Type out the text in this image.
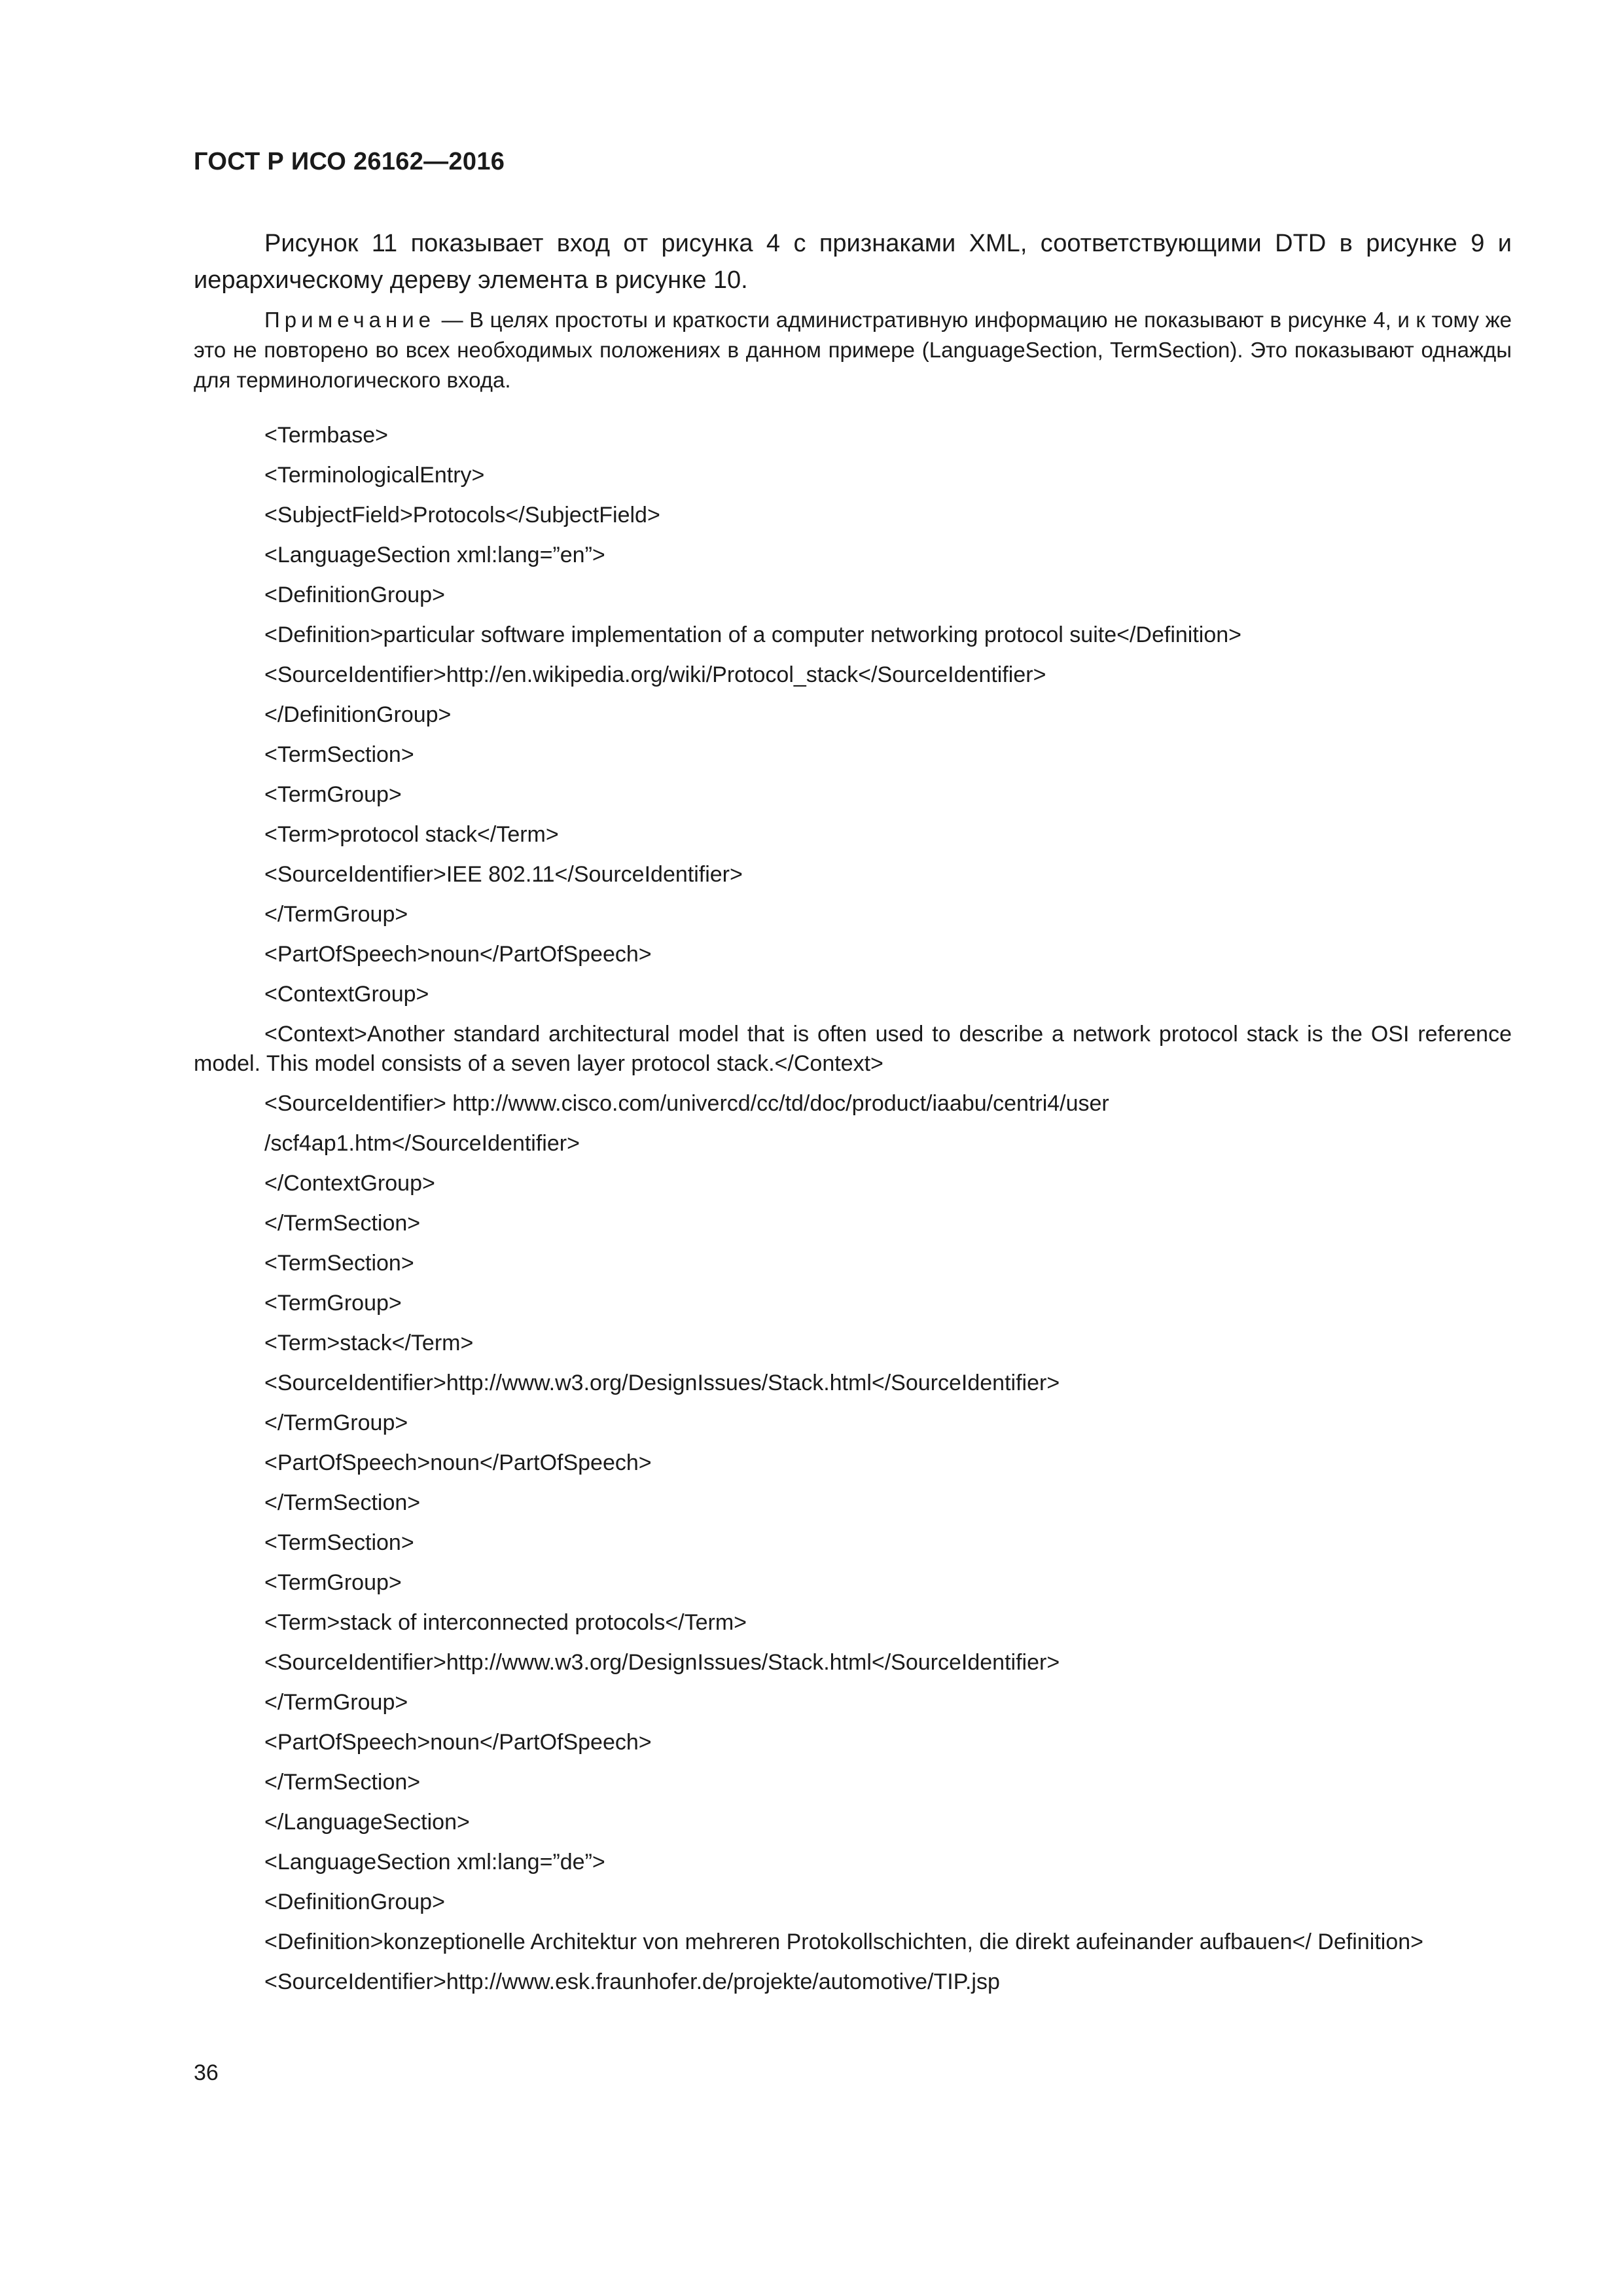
ГОСТ Р ИСО 26162—2016

Рисунок 11 показывает вход от рисунка 4 с признаками XML, соответствующими DTD в рисунке 9 и иерархическому дереву элемента в рисунке 10.

Примечание — В целях простоты и краткости административную информацию не показывают в рисунке 4, и к тому же это не повторено во всех необходимых положениях в данном примере (LanguageSection, TermSection). Это показывают однажды для терминологического входа.

<Termbase>
<TerminologicalEntry>
<SubjectField>Protocols</SubjectField>
<LanguageSection xml:lang=”en”>
<DefinitionGroup>
<Definition>particular software implementation of a computer networking protocol suite</Definition>
<SourceIdentifier>http://en.wikipedia.org/wiki/Protocol_stack</SourceIdentifier>
</DefinitionGroup>
<TermSection>
<TermGroup>
<Term>protocol stack</Term>
<SourceIdentifier>IEE 802.11</SourceIdentifier>
</TermGroup>
<PartOfSpeech>noun</PartOfSpeech>
<ContextGroup>
<Context>Another standard architectural model that is often used to describe a network protocol stack is the OSI reference model. This model consists of a seven layer protocol stack.</Context>
<SourceIdentifier> http://www.cisco.com/univercd/cc/td/doc/product/iaabu/centri4/user
/scf4ap1.htm</SourceIdentifier>
</ContextGroup>
</TermSection>
<TermSection>
<TermGroup>
<Term>stack</Term>
<SourceIdentifier>http://www.w3.org/DesignIssues/Stack.html</SourceIdentifier>
</TermGroup>
<PartOfSpeech>noun</PartOfSpeech>
</TermSection>
<TermSection>
<TermGroup>
<Term>stack of interconnected protocols</Term>
<SourceIdentifier>http://www.w3.org/DesignIssues/Stack.html</SourceIdentifier>
</TermGroup>
<PartOfSpeech>noun</PartOfSpeech>
</TermSection>
</LanguageSection>
<LanguageSection xml:lang=”de”>
<DefinitionGroup>
<Definition>konzeptionelle Architektur von mehreren Protokollschichten, die direkt aufeinander aufbauen</ Definition>
<SourceIdentifier>http://www.esk.fraunhofer.de/projekte/automotive/TIP.jsp
36
